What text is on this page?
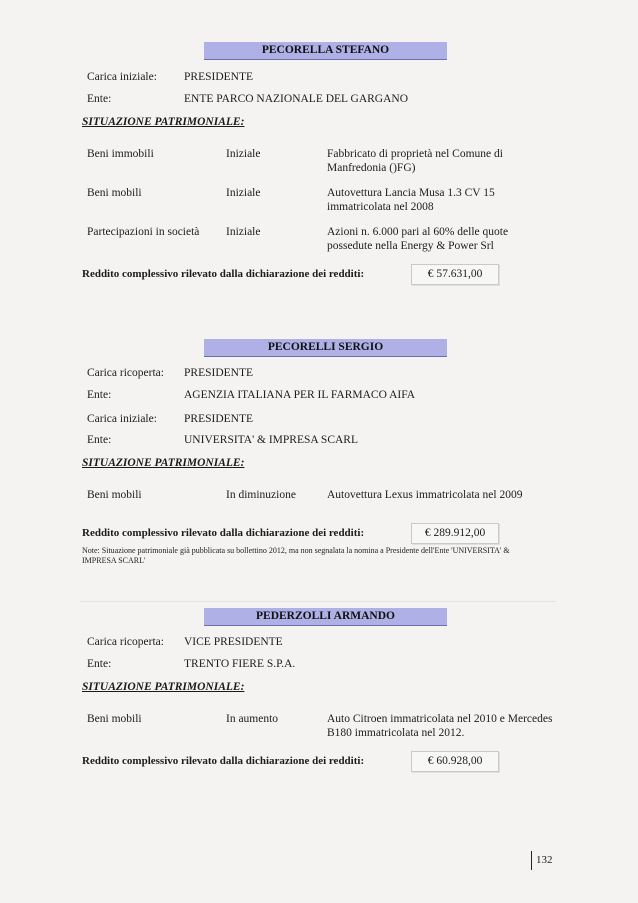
PECORELLA STEFANO
Carica iniziale: PRESIDENTE
Ente:	ENTE PARCO NAZIONALE DEL GARGANO
SITUAZIONE PATRIMONIALE:
Beni immobili	Iniziale	Fabbricato di proprietà nel Comune di Manfredonia ()FG)
Beni mobili	Iniziale	Autovettura Lancia Musa 1.3 CV 15 immatricolata nel 2008
Partecipazioni in società Iniziale	Azioni n. 6.000 pari al 60% delle quote possedute nella Energy & Power Srl
Reddito complessivo rilevato dalla dichiarazione dei redditi:	€ 57.631,00
PECORELLI SERGIO
Carica ricoperta: PRESIDENTE
Ente:	AGENZIA ITALIANA PER IL FARMACO AIFA
Carica iniziale: PRESIDENTE
Ente:	UNIVERSITA' & IMPRESA SCARL
SITUAZIONE PATRIMONIALE:
Beni mobili	In diminuzione	Autovettura Lexus immatricolata nel 2009
Reddito complessivo rilevato dalla dichiarazione dei redditi:	€ 289.912,00
Note: Situazione patrimoniale già pubblicata su bollettino 2012, ma non segnalata la nomina a Presidente dell'Ente 'UNIVERSITA' & IMPRESA SCARL'
PEDERZOLLI ARMANDO
Carica ricoperta: VICE PRESIDENTE
Ente:	TRENTO FIERE S.P.A.
SITUAZIONE PATRIMONIALE:
Beni mobili	In aumento	Auto Citroen immatricolata nel 2010 e Mercedes B180 immatricolata nel 2012.
Reddito complessivo rilevato dalla dichiarazione dei redditi:	€ 60.928,00
132
